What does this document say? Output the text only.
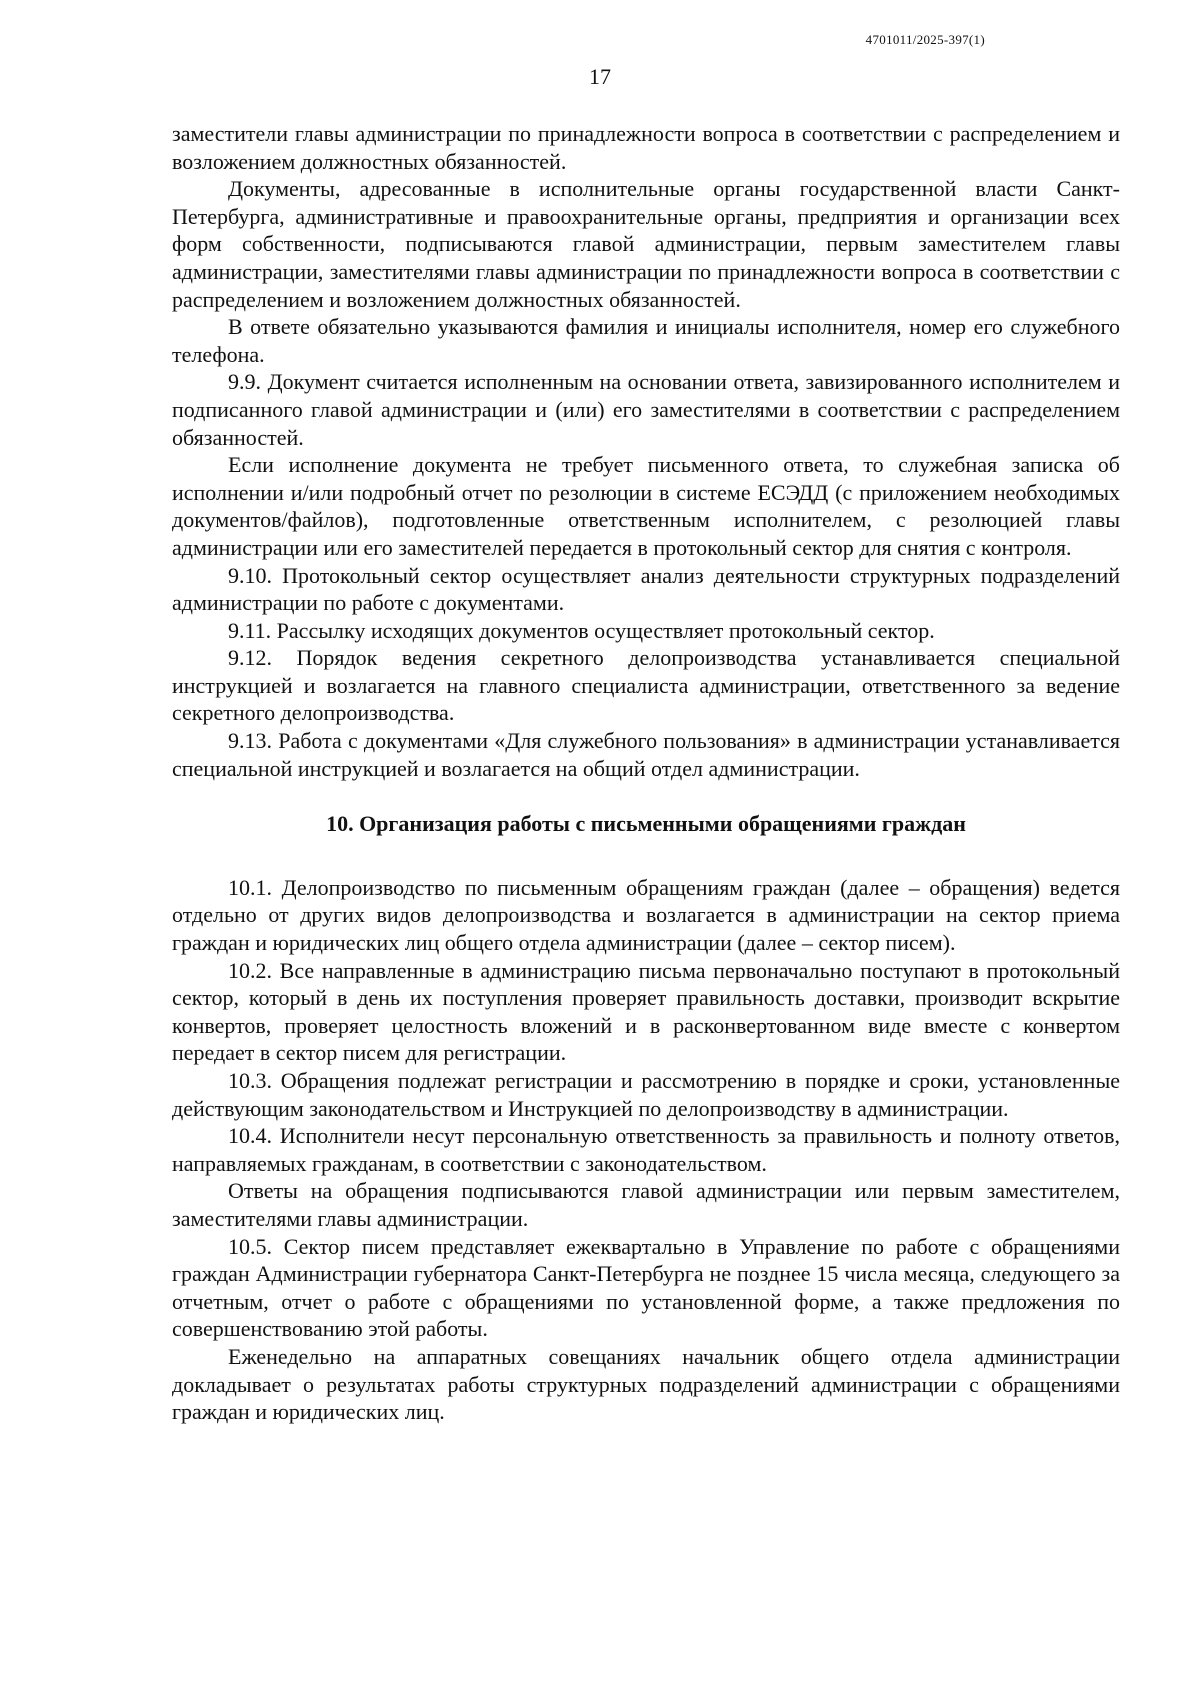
4701011/2025-397(1)
17

заместители главы администрации по принадлежности вопроса в соответствии с распределением и возложением должностных обязанностей.

Документы, адресованные в исполнительные органы государственной власти Санкт-Петербурга, административные и правоохранительные органы, предприятия и организации всех форм собственности, подписываются главой администрации, первым заместителем главы администрации, заместителями главы администрации по принадлежности вопроса в соответствии с распределением и возложением должностных обязанностей.

В ответе обязательно указываются фамилия и инициалы исполнителя, номер его служебного телефона.

9.9. Документ считается исполненным на основании ответа, завизированного исполнителем и подписанного главой администрации и (или) его заместителями в соответствии с распределением обязанностей.

Если исполнение документа не требует письменного ответа, то служебная записка об исполнении и/или подробный отчет по резолюции в системе ЕСЭДД (с приложением необходимых документов/файлов), подготовленные ответственным исполнителем, с резолюцией главы администрации или его заместителей передается в протокольный сектор для снятия с контроля.

9.10. Протокольный сектор осуществляет анализ деятельности структурных подразделений администрации по работе с документами.

9.11. Рассылку исходящих документов осуществляет протокольный сектор.

9.12. Порядок ведения секретного делопроизводства устанавливается специальной инструкцией и возлагается на главного специалиста администрации, ответственного за ведение секретного делопроизводства.

9.13. Работа с документами «Для служебного пользования» в администрации устанавливается специальной инструкцией и возлагается на общий отдел администрации.

10. Организация работы с письменными обращениями граждан

10.1. Делопроизводство по письменным обращениям граждан (далее – обращения) ведется отдельно от других видов делопроизводства и возлагается в администрации на сектор приема граждан и юридических лиц общего отдела администрации (далее – сектор писем).

10.2. Все направленные в администрацию письма первоначально поступают в протокольный сектор, который в день их поступления проверяет правильность доставки, производит вскрытие конвертов, проверяет целостность вложений и в расконвертованном виде вместе с конвертом передает в сектор писем для регистрации.

10.3. Обращения подлежат регистрации и рассмотрению в порядке и сроки, установленные действующим законодательством и Инструкцией по делопроизводству в администрации.

10.4. Исполнители несут персональную ответственность за правильность и полноту ответов, направляемых гражданам, в соответствии с законодательством.

Ответы на обращения подписываются главой администрации или первым заместителем, заместителями главы администрации.

10.5. Сектор писем представляет ежеквартально в Управление по работе с обращениями граждан Администрации губернатора Санкт-Петербурга не позднее 15 числа месяца, следующего за отчетным, отчет о работе с обращениями по установленной форме, а также предложения по совершенствованию этой работы.

Еженедельно на аппаратных совещаниях начальник общего отдела администрации докладывает о результатах работы структурных подразделений администрации с обращениями граждан и юридических лиц.
